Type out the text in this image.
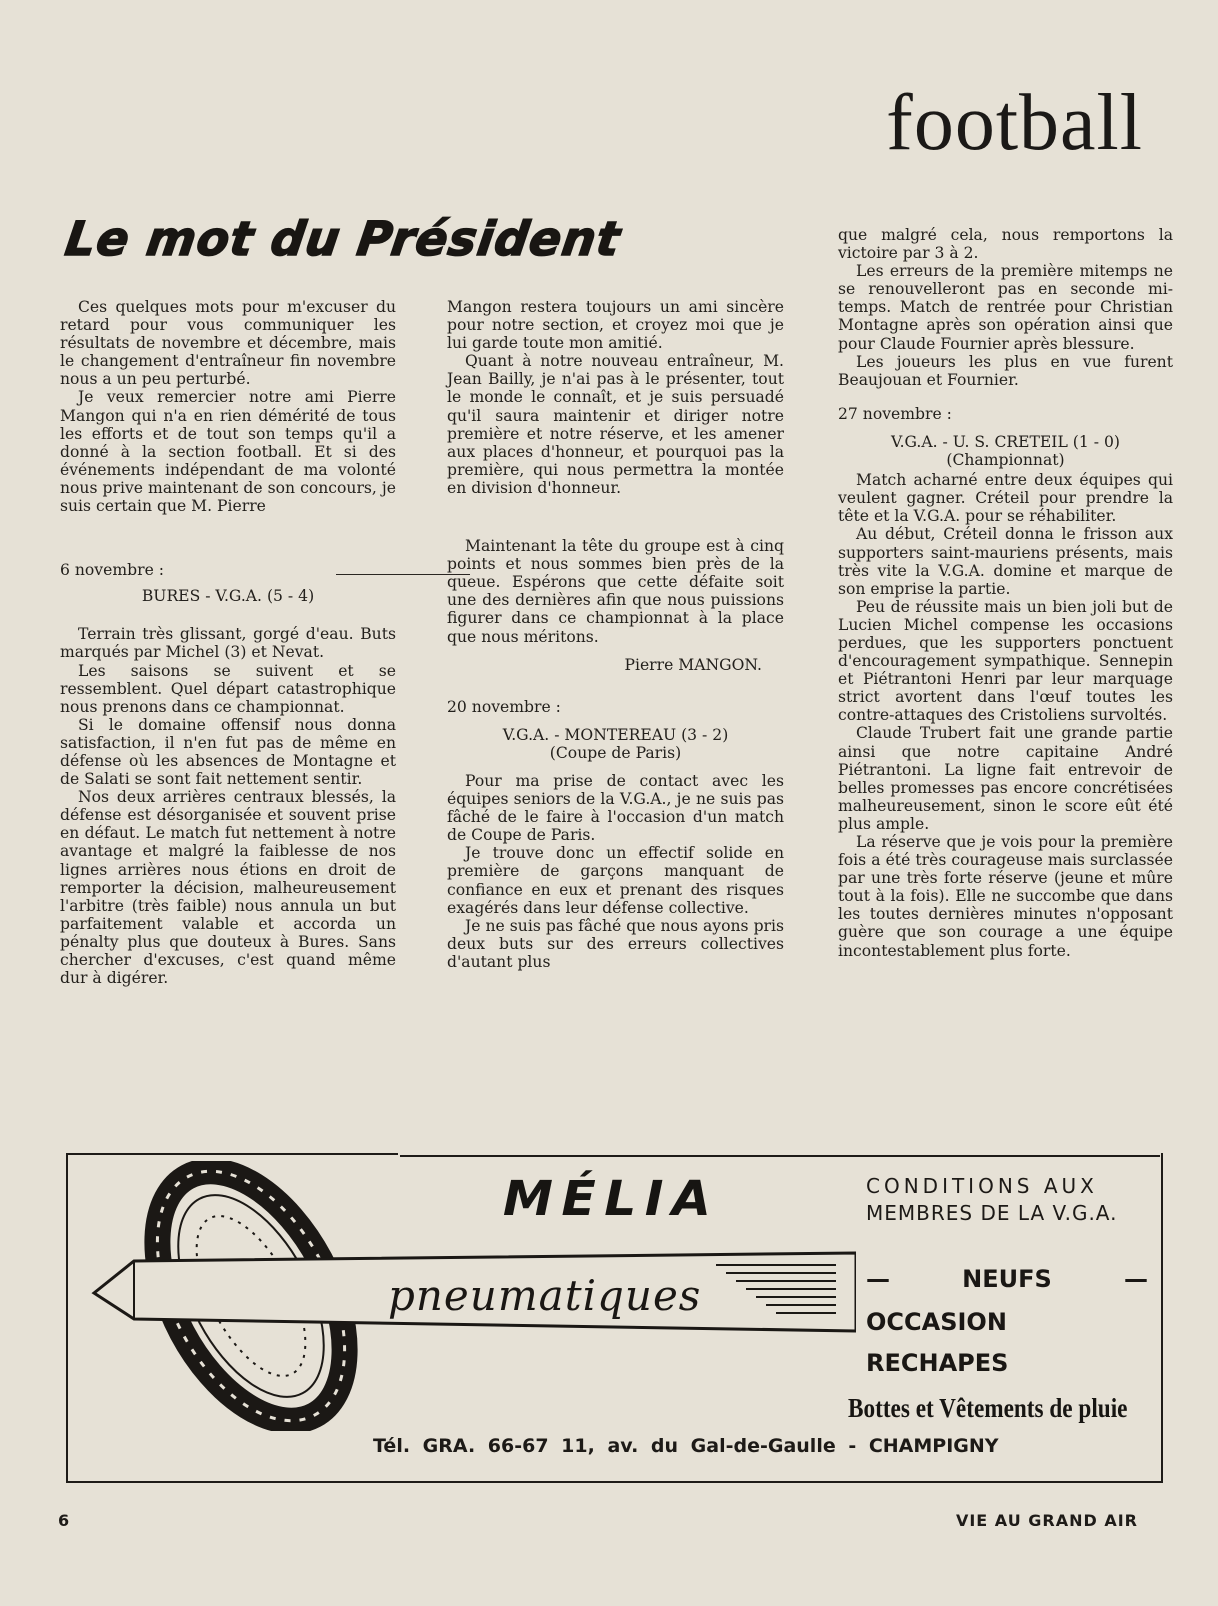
football
Le mot du Président

Ces quelques mots pour m'excuser du retard pour vous communiquer les résultats de novembre et décembre, mais le changement d'entraîneur fin novembre nous a un peu perturbé.

Je veux remercier notre ami Pierre Mangon qui n'a en rien démérité de tous les efforts et de tout son temps qu'il a donné à la section football. Et si des événements indépendant de ma volonté nous prive maintenant de son concours, je suis certain que M. Pierre

6 novembre :

BURES - V.G.A. (5 - 4)

Terrain très glissant, gorgé d'eau. Buts marqués par Michel (3) et Nevat.

Les saisons se suivent et se ressemblent. Quel départ catastrophique nous prenons dans ce championnat.

Si le domaine offensif nous donna satisfaction, il n'en fut pas de même en défense où les absences de Montagne et de Salati se sont fait nettement sentir.

Nos deux arrières centraux blessés, la défense est désorganisée et souvent prise en défaut. Le match fut nettement à notre avantage et malgré la faiblesse de nos lignes arrières nous étions en droit de remporter la décision, malheureusement l'arbitre (très faible) nous annula un but parfaitement valable et accorda un pénalty plus que douteux à Bures. Sans chercher d'excuses, c'est quand même dur à digérer.

Mangon restera toujours un ami sincère pour notre section, et croyez moi que je lui garde toute mon amitié.

Quant à notre nouveau entraîneur, M. Jean Bailly, je n'ai pas à le présenter, tout le monde le connaît, et je suis persuadé qu'il saura maintenir et diriger notre première et notre réserve, et les amener aux places d'honneur, et pourquoi pas la première, qui nous permettra la montée en division d'honneur.

Maintenant la tête du groupe est à cinq points et nous sommes bien près de la queue. Espérons que cette défaite soit une des dernières afin que nous puissions figurer dans ce championnat à la place que nous méritons.

Pierre MANGON.

20 novembre :

V.G.A. - MONTEREAU (3 - 2)

(Coupe de Paris)

Pour ma prise de contact avec les équipes seniors de la V.G.A., je ne suis pas fâché de le faire à l'occasion d'un match de Coupe de Paris.

Je trouve donc un effectif solide en première de garçons manquant de confiance en eux et prenant des risques exagérés dans leur défense collective.

Je ne suis pas fâché que nous ayons pris deux buts sur des erreurs collectives d'autant plus

que malgré cela, nous remportons la victoire par 3 à 2.

Les erreurs de la première mitemps ne se renouvelleront pas en seconde mi-temps. Match de rentrée pour Christian Montagne après son opération ainsi que pour Claude Fournier après blessure.

Les joueurs les plus en vue furent Beaujouan et Fournier.

27 novembre :

V.G.A. - U. S. CRETEIL (1 - 0)

(Championnat)

Match acharné entre deux équipes qui veulent gagner. Créteil pour prendre la tête et la V.G.A. pour se réhabiliter.

Au début, Créteil donna le frisson aux supporters saint-mauriens présents, mais très vite la V.G.A. domine et marque de son emprise la partie.

Peu de réussite mais un bien joli but de Lucien Michel compense les occasions perdues, que les supporters ponctuent d'encouragement sympathique. Sennepin et Piétrantoni Henri par leur marquage strict avortent dans l'œuf toutes les contre-attaques des Cristoliens survoltés.

Claude Trubert fait une grande partie ainsi que notre capitaine André Piétrantoni. La ligne fait entrevoir de belles promesses pas encore concrétisées malheureusement, sinon le score eût été plus ample.

La réserve que je vois pour la première fois a été très courageuse mais surclassée par une très forte réserve (jeune et mûre tout à la fois). Elle ne succombe que dans les toutes dernières minutes n'opposant guère que son courage a une équipe incontestablement plus forte.

MÉLIA
pneumatiques
CONDITIONS AUX
MEMBRES DE LA V.G.A.
— NEUFS —
OCCASION
RECHAPES
Bottes et Vêtements de pluie
Tél. GRA. 66-67 11, av. du Gal-de-Gaulle - CHAMPIGNY
6	VIE AU GRAND AIR
